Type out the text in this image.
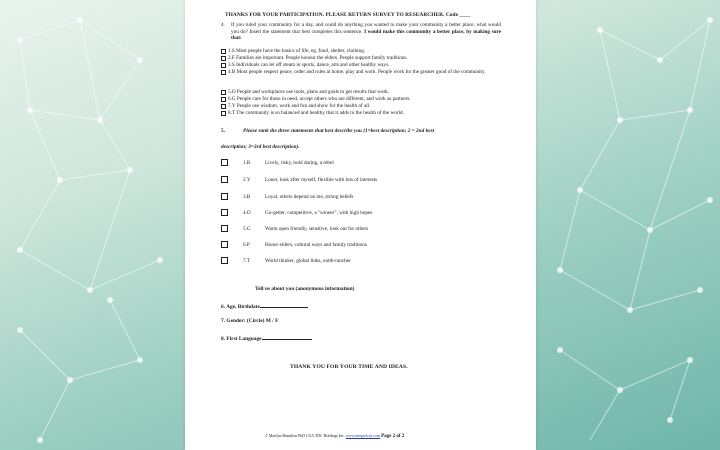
THANKS FOR YOUR PARTICIPATION. PLEASE RETURN SURVEY TO RESEARCHER. Code ____
4. If you ruled your community for a day, and could do anything you wanted to make your community a better place, what would you do? Insert the statement that best completes this sentence. I would make this community a better place, by making sure that:
1.S Most people have the basics of life, eg. food, shelter, clothing.
2.F Families are important. People honour the elders. People support family traditions.
3.S Individuals can let off steam in sports, dance, arts and other healthy ways.
4.B Most people respect peace, order and rules at home, play and work. People work for the greater good of the community.
5.O People and workplaces use tools, plans and goals to get results that work.
6.G People care for those in need, accept others who are different, and work as partners.
7.Y People use wisdom, work and fun and show for the health of all.
8.T The community is so balanced and healthy that it adds to the health of the world.
5.	Please rank the three statements that best describe you (1=best description; 2 = 2nd best
description; 3=3rd best description).
1.R	Lively, risky, bold daring, a rebel
2.Y	Loner, look after myself, flexible with lots of interests
3.B	Loyal, others depend on me, strong beliefs
4.O	Go-getter, competitive, a "winner", with high hopes
5.G	Warm open friendly, sensitive, look out for others
6.P	Honor elders, cultural ways and family traditions
7.T	World thinker, global links, earth-rancher
Tell us about you (anonymous information)
6. Age, Birthdate
7. Gender: (Circle) M / F
8. First Language
THANK YOU FOR YOUR TIME AND IDEAS.
© Marilyn Hamilton PhD CGA TDC Holdings Inc. www.integralcity.com Page 2 of 2
